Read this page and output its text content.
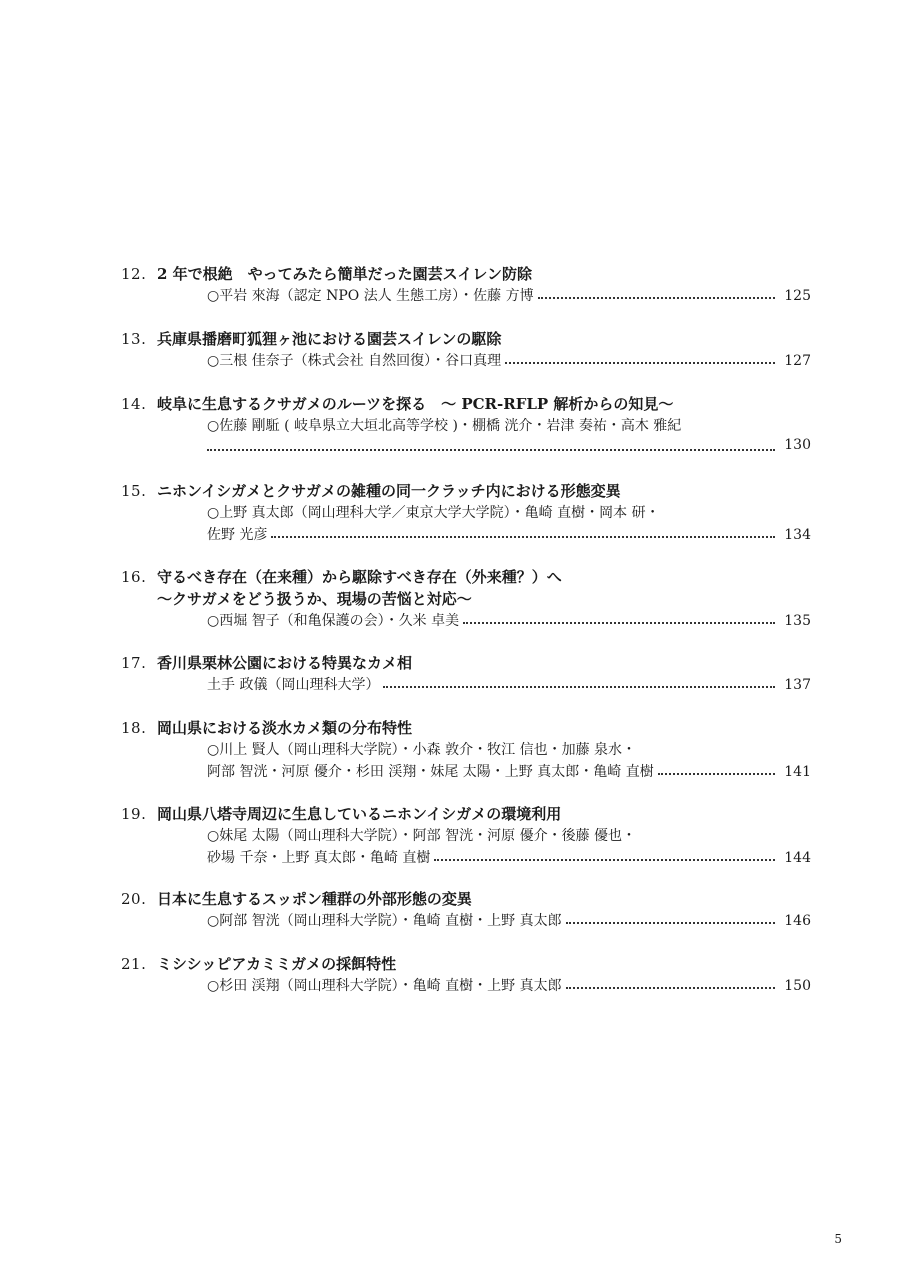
12. 2 年で根絶　やってみたら簡単だった園芸スイレン防除
○平岩 來海（認定 NPO 法人 生態工房）・佐藤 方博	125
13. 兵庫県播磨町狐狸ヶ池における園芸スイレンの駆除
○三根 佳奈子（株式会社 自然回復）・谷口真理	127
14. 岐阜に生息するクサガメのルーツを探る　～ PCR-RFLP 解析からの知見～
○佐藤 剛駈 ( 岐阜県立大垣北高等学校 )・棚橋 洸介・岩津 奏祐・高木 雅紀
130
15. ニホンイシガメとクサガメの雑種の同一クラッチ内における形態変異
○上野 真太郎（岡山理科大学／東京大学大学院）・亀崎 直樹・岡本 研・
佐野 光彦	134
16. 守るべき存在（在来種）から駆除すべき存在（外来種？）へ
～クサガメをどう扱うか、現場の苦悩と対応～
○西堀 智子（和亀保護の会）・久米 卓美	135
17. 香川県栗林公園における特異なカメ相
土手 政儀（岡山理科大学）	137
18. 岡山県における淡水カメ類の分布特性
○川上 賢人（岡山理科大学院）・小森 敦介・牧江 信也・加藤 泉水・
阿部 智洸・河原 優介・杉田 渓翔・妹尾 太陽・上野 真太郎・亀崎 直樹	141
19. 岡山県八塔寺周辺に生息しているニホンイシガメの環境利用
○妹尾 太陽（岡山理科大学院）・阿部 智洸・河原 優介・後藤 優也・
砂場 千奈・上野 真太郎・亀崎 直樹	144
20. 日本に生息するスッポン種群の外部形態の変異
○阿部 智洸（岡山理科大学院）・亀崎 直樹・上野 真太郎	146
21. ミシシッピアカミミガメの採餌特性
○杉田 渓翔（岡山理科大学院）・亀崎 直樹・上野 真太郎	150
5
